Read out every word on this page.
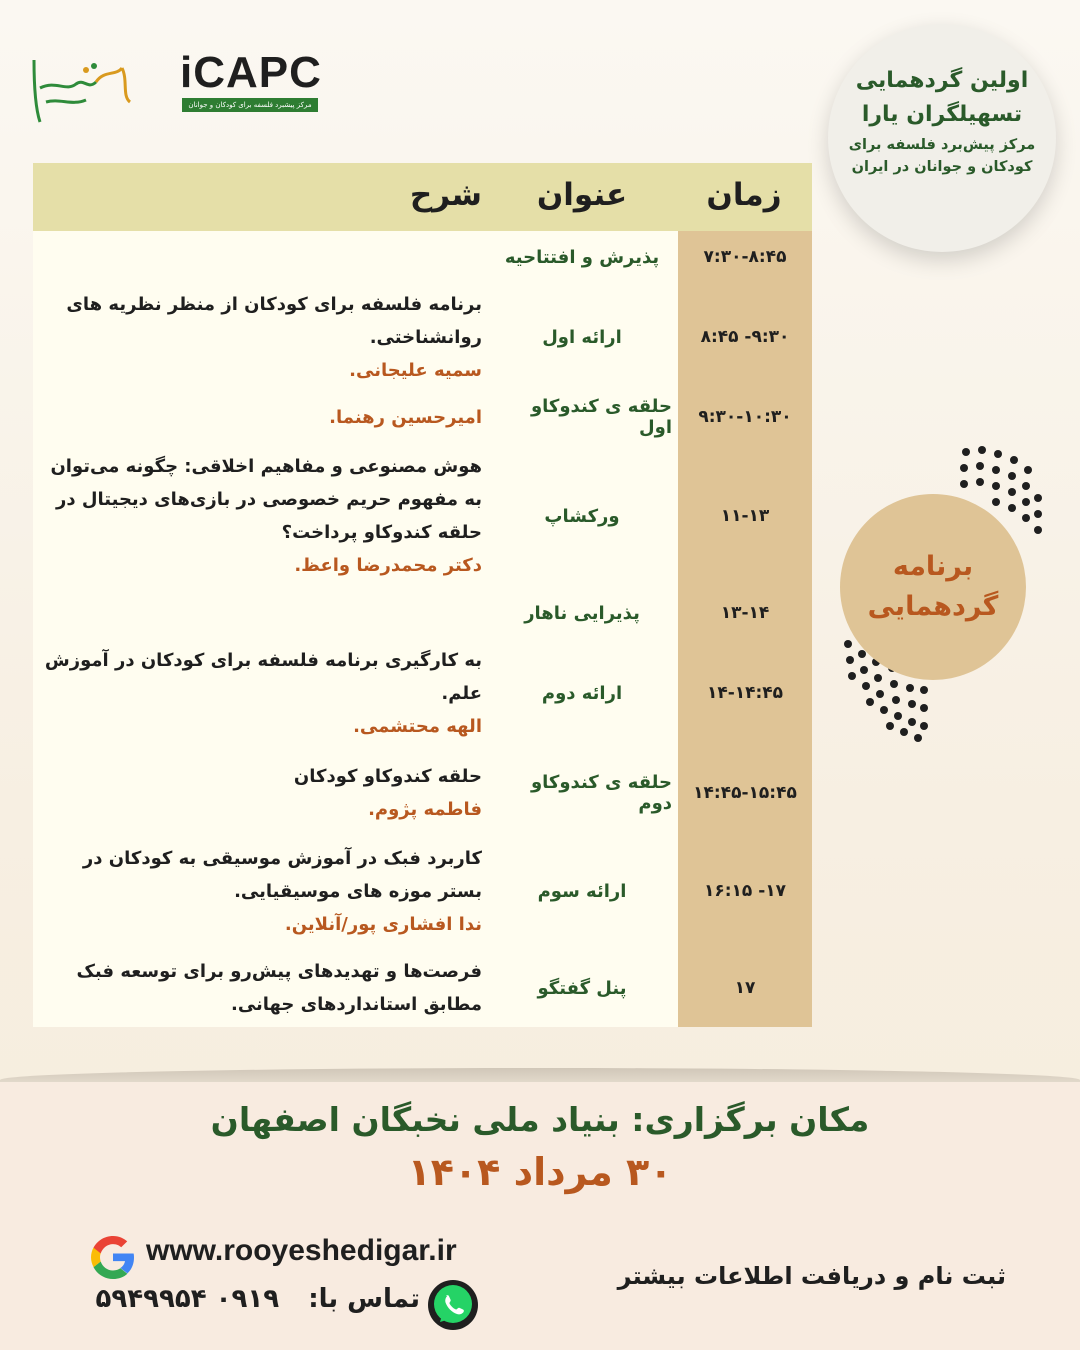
iCAPC
مرکز پیشبرد فلسفه برای کودکان و جوانان
اولین گردهمایی
تسهیلگران یارا
مرکز پیش‌برد فلسفه برای کودکان و جوانان در ایران
زمان
عنوان
شرح
۷:۳۰-۸:۴۵
پذیرش و افتتاحیه
۸:۴۵ -۹:۳۰
ارائه اول
برنامه فلسفه برای کودکان از منظر نظریه های روانشناختی.
سمیه علیجانی.
۹:۳۰-۱۰:۳۰
حلقه ی کندوکاو اول
امیرحسین رهنما.
۱۱-۱۳
ورکشاپ
هوش مصنوعی و مفاهیم اخلاقی: چگونه می‌توان به مفهوم حریم خصوصی در بازی‌های دیجیتال در حلقه کندوکاو پرداخت؟
دکتر محمدرضا واعظ.
۱۳-۱۴
پذیرایی ناهار
۱۴-۱۴:۴۵
ارائه دوم
به کارگیری برنامه فلسفه برای کودکان در آموزش علم.
الهه محتشمی.
۱۴:۴۵-۱۵:۴۵
حلقه ی کندوکاو دوم
حلقه کندوکاو کودکان
فاطمه پژوم.
۱۶:۱۵ -۱۷
ارائه سوم
کاربرد فبک در آموزش موسیقی به کودکان در بستر موزه های موسیقیایی.
ندا افشاری پور/آنلاین.
۱۷
پنل گفتگو
فرصت‌ها و تهدیدهای پیش‌رو برای توسعه فبک مطابق استانداردهای جهانی.
برنامه
گردهمایی
مکان برگزاری: بنیاد ملی نخبگان اصفهان
۳۰ مرداد ۱۴۰۴
www.rooyeshedigar.ir
تماس با: ۰۹۱۹ ۵۹۴۹۹۵۴
ثبت نام و دریافت اطلاعات بیشتر
